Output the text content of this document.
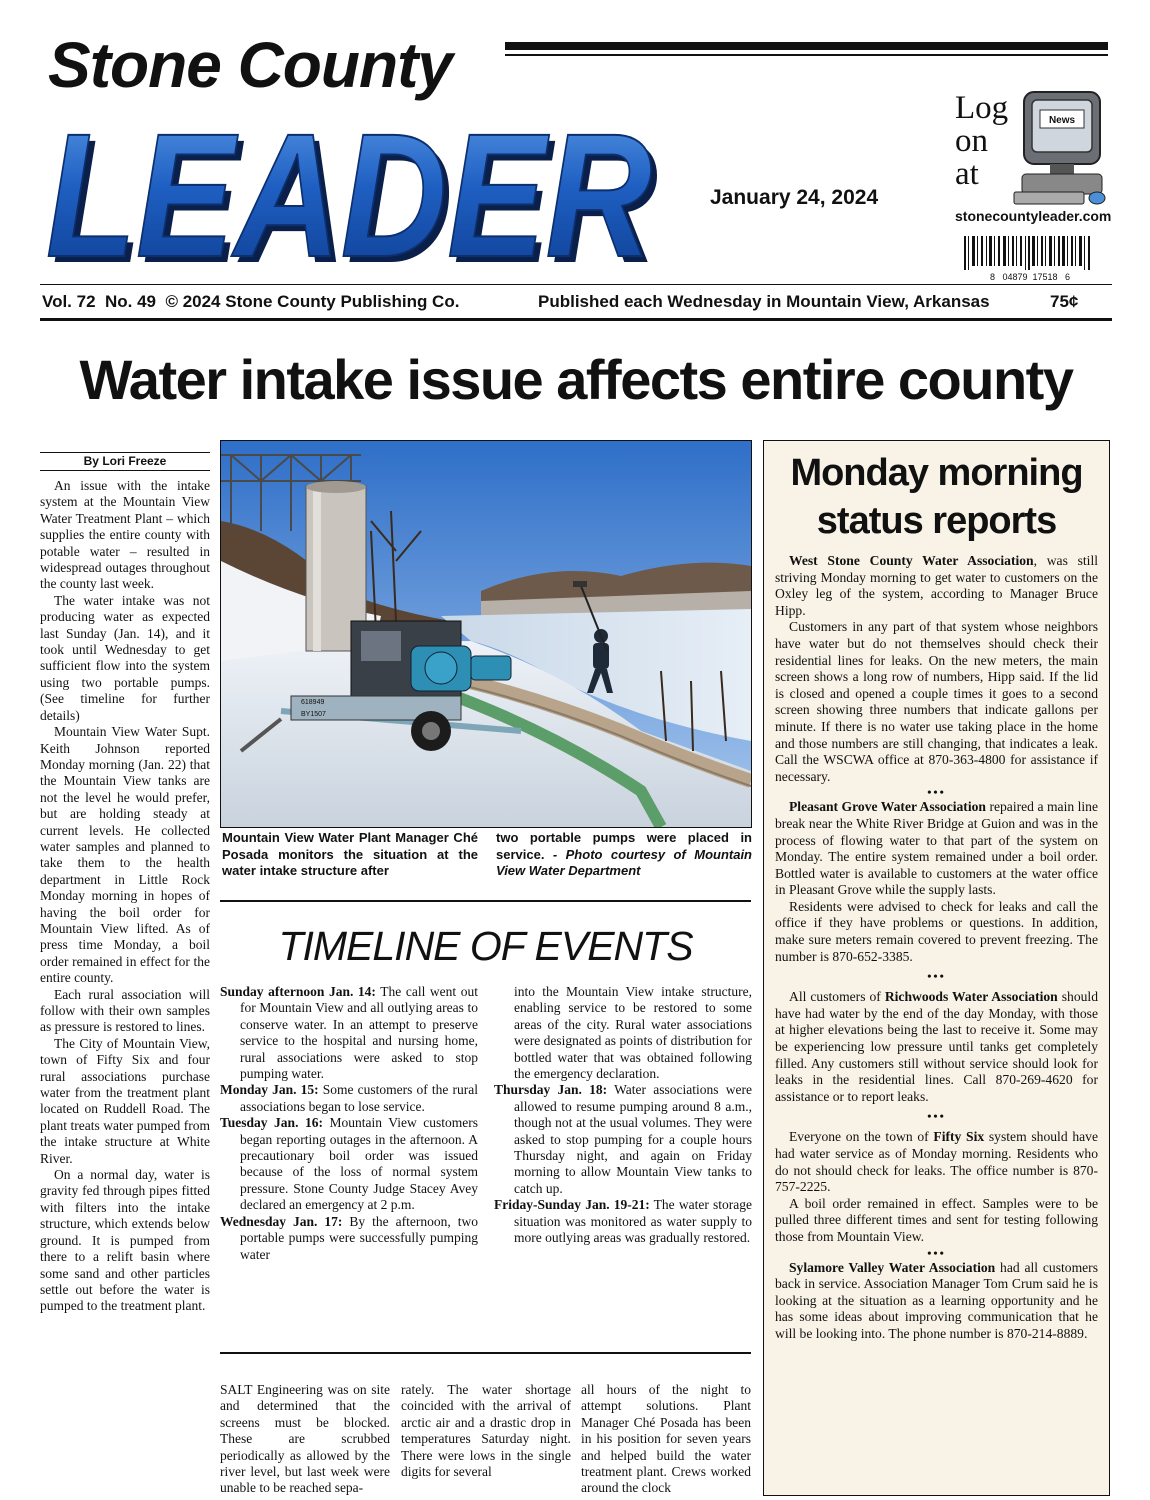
Stone County
LEADER
LEADER	January 24, 2024
Log
on
at
News
stonecountyleader.com
8   04879  17518   6
Vol. 72  No. 49  © 2024 Stone County Publishing Co.	Published each Wednesday in Mountain View, Arkansas	75¢
Water intake issue affects entire county
By Lori Freeze

An issue with the intake system at the Mountain View Water Treatment Plant – which supplies the entire county with potable water – resulted in widespread outages throughout the county last week.

The water intake was not producing water as expected last Sunday (Jan. 14), and it took until Wednesday to get sufficient flow into the system using two portable pumps. (See timeline for further details)

Mountain View Water Supt. Keith Johnson reported Monday morning (Jan. 22) that the Mountain View tanks are not the level he would prefer, but are holding steady at current levels. He collected water samples and planned to take them to the health department in Little Rock Monday morning in hopes of having the boil order for Mountain View lifted. As of press time Monday, a boil order remained in effect for the entire county.

Each rural association will follow with their own samples as pressure is restored to lines.

The City of Mountain View, town of Fifty Six and four rural associations purchase water from the treatment plant located on Ruddell Road. The plant treats water pumped from the intake structure at White River.

On a normal day, water is gravity fed through pipes fitted with filters into the intake structure, which extends below ground. It is pumped from there to a relift basin where some sand and other particles settle out before the water is pumped to the treatment plant.

618949
BY1507
Mountain View Water Plant Manager Ché Posada monitors the situation at the water intake structure after
two portable pumps were placed in service. - Photo courtesy of Mountain View Water Department
TIMELINE OF EVENTS

Sunday afternoon Jan. 14: The call went out for Mountain View and all outlying areas to conserve water. In an attempt to preserve service to the hospital and nursing home, rural associations were asked to stop pumping water.

Monday Jan. 15: Some customers of the rural associations began to lose service.

Tuesday Jan. 16: Mountain View customers began reporting outages in the afternoon. A precautionary boil order was issued because of the loss of normal system pressure. Stone County Judge Stacey Avey declared an emergency at 2 p.m.

Wednesday Jan. 17: By the afternoon, two portable pumps were successfully pumping water

into the Mountain View intake structure, enabling service to be restored to some areas of the city. Rural water associations were designated as points of distribution for bottled water that was obtained following the emergency declaration.

Thursday Jan. 18: Water associations were allowed to resume pumping around 8 a.m., though not at the usual volumes. They were asked to stop pumping for a couple hours Thursday night, and again on Friday morning to allow Mountain View tanks to catch up.

Friday-Sunday Jan. 19-21: The water storage situation was monitored as water supply to more outlying areas was gradually restored.

SALT Engineering was on site and determined that the screens must be blocked. These are scrubbed periodically as allowed by the river level, but last week were unable to be reached sepa-

rately. The water shortage coincided with the arrival of arctic air and a drastic drop in temperatures Saturday night. There were lows in the single digits for several

all hours of the night to attempt solutions. Plant Manager Ché Posada has been in his position for seven years and helped build the water treatment plant. Crews worked around the clock

Monday morning
status reports

West Stone County Water Association, was still striving Monday morning to get water to customers on the Oxley leg of the system, according to Manager Bruce Hipp.

Customers in any part of that system whose neighbors have water but do not themselves should check their residential lines for leaks. On the new meters, the main screen shows a long row of numbers, Hipp said. If the lid is closed and opened a couple times it goes to a second screen showing three numbers that indicate gallons per minute. If there is no water use taking place in the home and those numbers are still changing, that indicates a leak. Call the WSCWA office at 870-363-4800 for assistance if necessary.

•••

Pleasant Grove Water Association repaired a main line break near the White River Bridge at Guion and was in the process of flowing water to that part of the system on Monday. The entire system remained under a boil order. Bottled water is available to customers at the water office in Pleasant Grove while the supply lasts.

Residents were advised to check for leaks and call the office if they have problems or questions. In addition, make sure meters remain covered to prevent freezing. The number is 870-652-3385.

•••

All customers of Richwoods Water Association should have had water by the end of the day Monday, with those at higher elevations being the last to receive it. Some may be experiencing low pressure until tanks get completely filled. Any customers still without service should look for leaks in the residential lines. Call 870-269-4620 for assistance or to report leaks.

•••

Everyone on the town of Fifty Six system should have had water service as of Monday morning. Residents who do not should check for leaks. The office number is 870-757-2225.

A boil order remained in effect. Samples were to be pulled three different times and sent for testing following those from Mountain View.

•••

Sylamore Valley Water Association had all customers back in service. Association Manager Tom Crum said he is looking at the situation as a learning opportunity and he has some ideas about improving communication that he will be looking into. The phone number is 870-214-8889.
